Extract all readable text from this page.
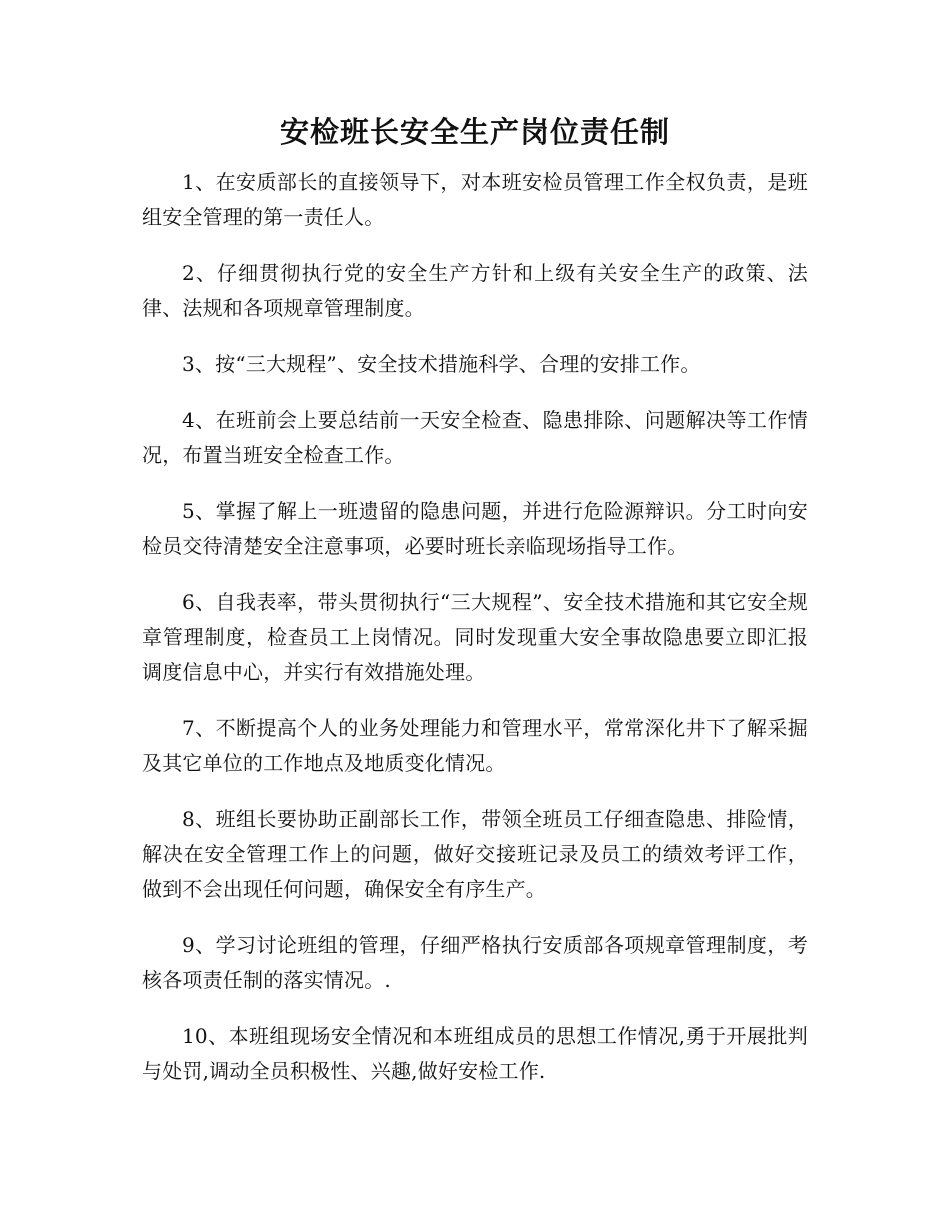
安检班长安全生产岗位责任制

1、在安质部长的直接领导下，对本班安检员管理工作全权负责，是班组安全管理的第一责任人。

2、仔细贯彻执行党的安全生产方针和上级有关安全生产的政策、法律、法规和各项规章管理制度。

3、按“三大规程”、安全技术措施科学、合理的安排工作。

4、在班前会上要总结前一天安全检查、隐患排除、问题解决等工作情况，布置当班安全检查工作。

5、掌握了解上一班遗留的隐患问题，并进行危险源辩识。分工时向安检员交待清楚安全注意事项，必要时班长亲临现场指导工作。

6、自我表率，带头贯彻执行“三大规程”、安全技术措施和其它安全规章管理制度，检查员工上岗情况。同时发现重大安全事故隐患要立即汇报调度信息中心，并实行有效措施处理。

7、不断提高个人的业务处理能力和管理水平，常常深化井下了解采掘及其它单位的工作地点及地质变化情况。

8、班组长要协助正副部长工作，带领全班员工仔细查隐患、排险情，解决在安全管理工作上的问题，做好交接班记录及员工的绩效考评工作，做到不会出现任何问题，确保安全有序生产。

9、学习讨论班组的管理，仔细严格执行安质部各项规章管理制度，考核各项责任制的落实情况。.

10、本班组现场安全情况和本班组成员的思想工作情况,勇于开展批判与处罚,调动全员积极性、兴趣,做好安检工作.
